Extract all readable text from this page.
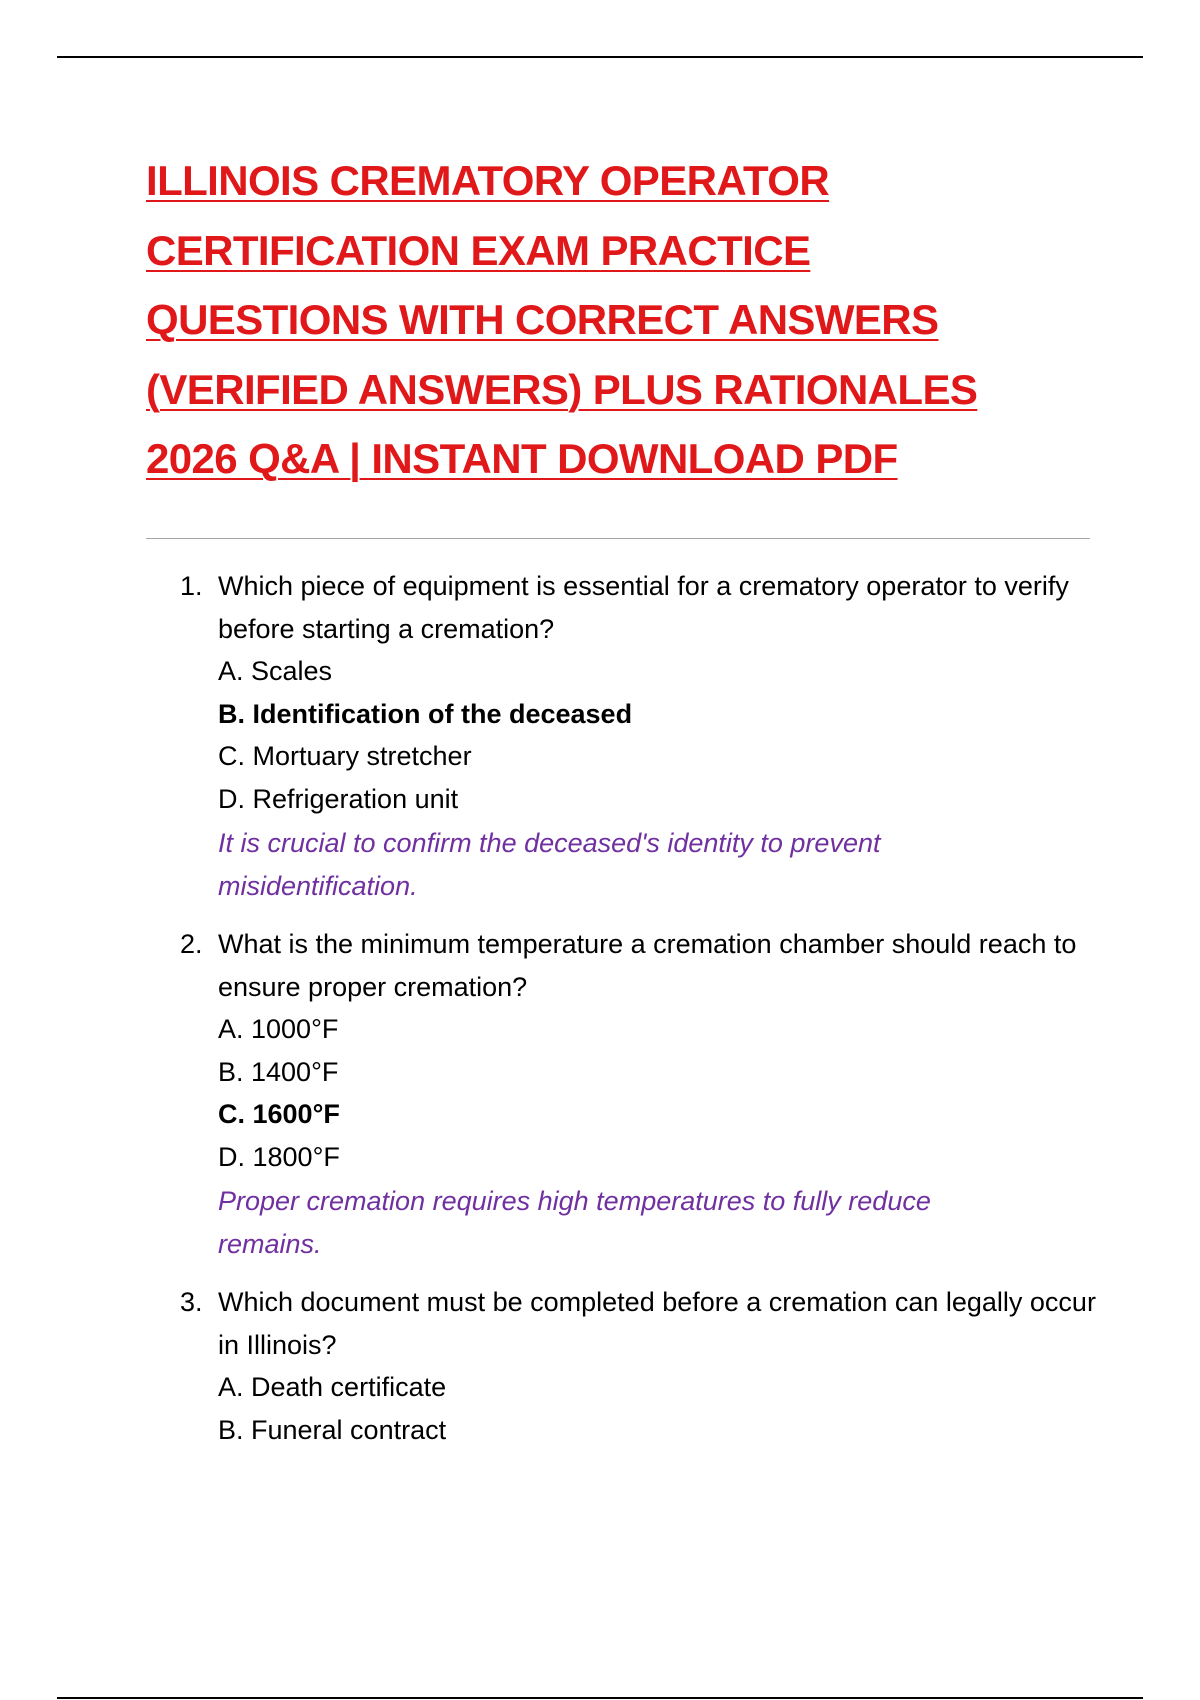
ILLINOIS CREMATORY OPERATOR
CERTIFICATION EXAM PRACTICE
QUESTIONS WITH CORRECT ANSWERS
(VERIFIED ANSWERS) PLUS RATIONALES
2026 Q&A | INSTANT DOWNLOAD PDF
1. Which piece of equipment is essential for a crematory operator to verify before starting a cremation?
A. Scales
B. Identification of the deceased
C. Mortuary stretcher
D. Refrigeration unit
It is crucial to confirm the deceased's identity to prevent misidentification.
2. What is the minimum temperature a cremation chamber should reach to ensure proper cremation?
A. 1000°F
B. 1400°F
C. 1600°F
D. 1800°F
Proper cremation requires high temperatures to fully reduce remains.
3. Which document must be completed before a cremation can legally occur in Illinois?
A. Death certificate
B. Funeral contract
